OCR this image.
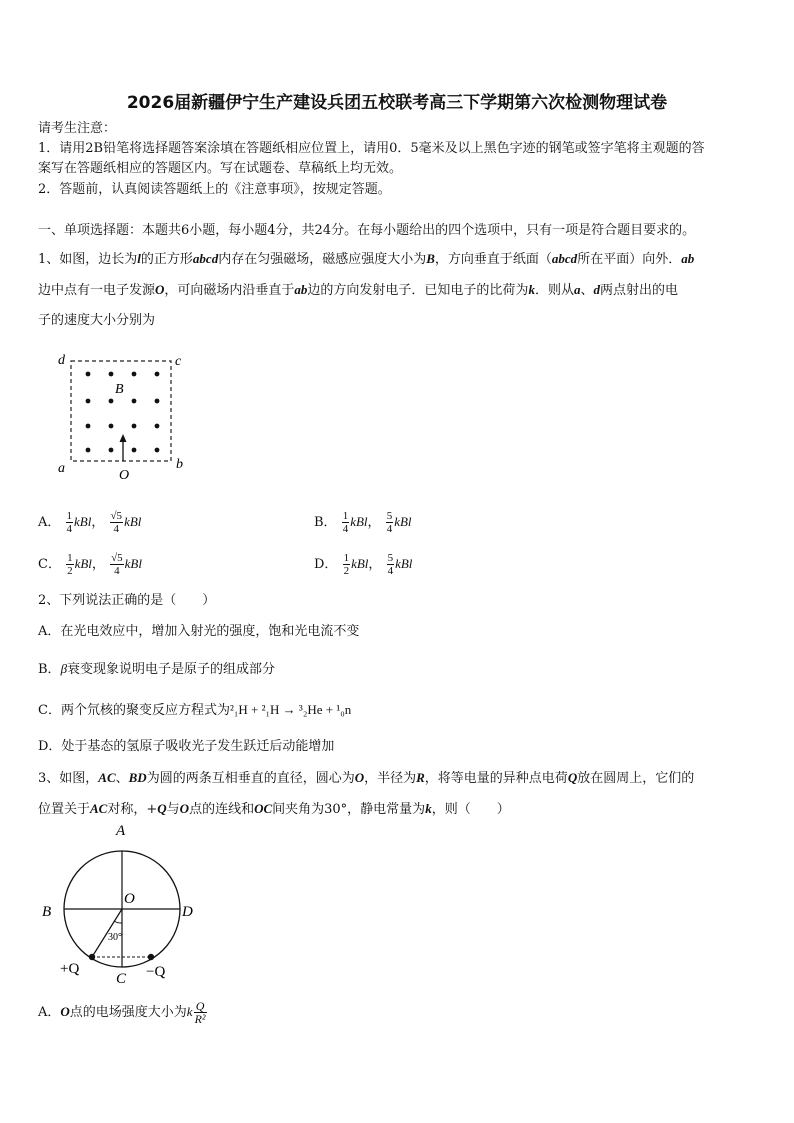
2026届新疆伊宁生产建设兵团五校联考高三下学期第六次检测物理试卷
请考生注意：
1．请用2B铅笔将选择题答案涂填在答题纸相应位置上，请用0．5毫米及以上黑色字迹的钢笔或签字笔将主观题的答
案写在答题纸相应的答题区内。写在试题卷、草稿纸上均无效。
2．答题前，认真阅读答题纸上的《注意事项》，按规定答题。
一、单项选择题：本题共6小题，每小题4分，共24分。在每小题给出的四个选项中，只有一项是符合题目要求的。
1、如图，边长为l的正方形abcd内存在匀强磁场，磁感应强度大小为B，方向垂直于纸面（abcd所在平面）向外．ab
边中点有一电子发源O，可向磁场内沿垂直于ab边的方向发射电子．已知电子的比荷为k．则从a、d两点射出的电
子的速度大小分别为
d	c
a	b
B
O
A． $\frac{1}{4}$ kBl， $\frac{√5}{4}$ kBl	B． $\frac{1}{4}$ kBl， $\frac{5}{4}$ kBl
C． $\frac{1}{2}$ kBl， $\frac{√5}{4}$ kBl	D． $\frac{1}{2}$ kBl， $\frac{5}{4}$ kBl
2、下列说法正确的是（　　）
A．在光电效应中，增加入射光的强度，饱和光电流不变
B．β衰变现象说明电子是原子的组成部分
C．两个氘核的聚变反应方程式为²₁H + ²₁H → ³₂He + ¹₀n
D．处于基态的氢原子吸收光子发生跃迁后动能增加
3、如图，AC、BD为圆的两条互相垂直的直径，圆心为O，半径为R，将等电量的异种点电荷Q放在圆周上，它们的
位置关于AC对称，+Q与O点的连线和OC间夹角为30°，静电常量为k，则（　　）
A
B	D
C
O
30°
+Q	−Q
A．O点的电场强度大小为k $\frac{Q}{\text{R²}}$
